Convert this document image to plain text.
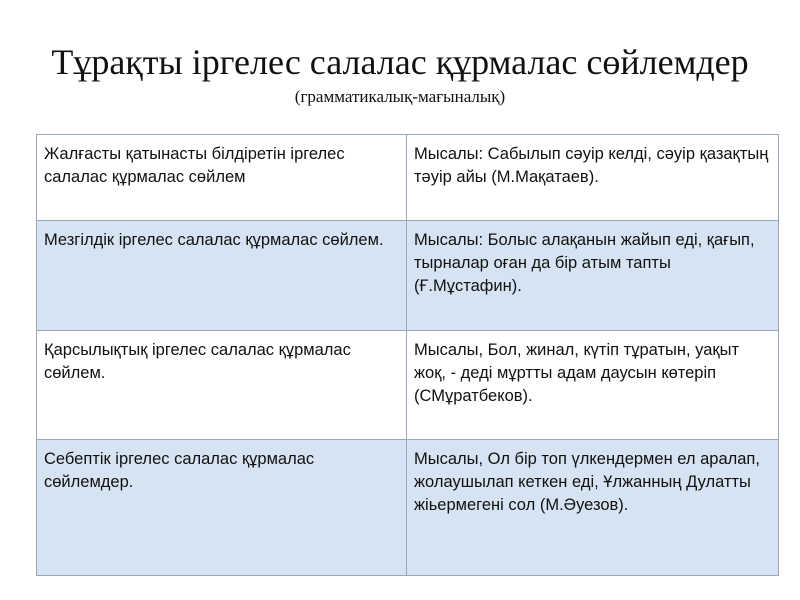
Тұрақты іргелес салалас құрмалас сөйлемдер
(грамматикалық-мағыналық)
Жалғасты қатынасты білдіретін іргелес салалас құрмалас сөйлем	Мысалы: Сабылып сәуір келді, сәуір қазақтың тәуір айы (М.Мақатаев).
Мезгілдік іргелес салалас құрмалас сөйлем.	Мысалы: Болыс алақанын жайып еді, қағып, тырналар оған да бір атым тапты (Ғ.Мұстафин).
Қарсылықтық іргелес салалас құрмалас сөйлем.	Мысалы, Бол, жинал, күтіп тұратын, уақыт жоқ, - деді мұртты адам даусын көтеріп (СМұратбеков).
Себептік іргелес салалас құрмалас сөйлемдер.	Мысалы, Ол бір топ үлкендермен ел аралап, жолаушылап кеткен еді, Ұлжанның Дулатты жіьермегені сол (М.Әуезов).
